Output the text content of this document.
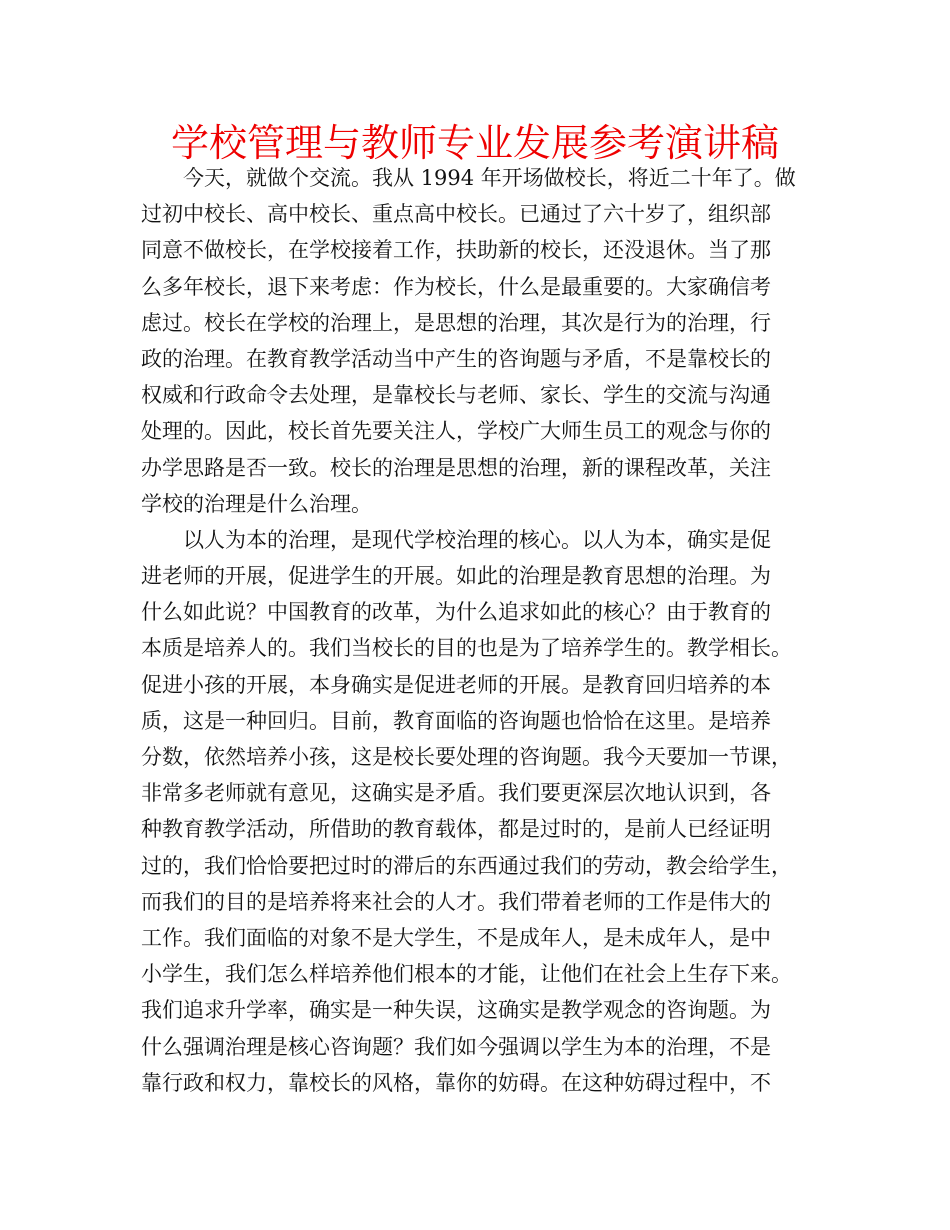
学校管理与教师专业发展参考演讲稿
今天，就做个交流。我从 1994 年开场做校长，将近二十年了。做
过初中校长、高中校长、重点高中校长。已通过了六十岁了，组织部
同意不做校长，在学校接着工作，扶助新的校长，还没退休。当了那
么多年校长，退下来考虑：作为校长，什么是最重要的。大家确信考
虑过。校长在学校的治理上，是思想的治理，其次是行为的治理，行
政的治理。在教育教学活动当中产生的咨询题与矛盾，不是靠校长的
权威和行政命令去处理，是靠校长与老师、家长、学生的交流与沟通
处理的。因此，校长首先要关注人，学校广大师生员工的观念与你的
办学思路是否一致。校长的治理是思想的治理，新的课程改革，关注
学校的治理是什么治理。
以人为本的治理，是现代学校治理的核心。以人为本，确实是促
进老师的开展，促进学生的开展。如此的治理是教育思想的治理。为
什么如此说？中国教育的改革，为什么追求如此的核心？由于教育的
本质是培养人的。我们当校长的目的也是为了培养学生的。教学相长。
促进小孩的开展，本身确实是促进老师的开展。是教育回归培养的本
质，这是一种回归。目前，教育面临的咨询题也恰恰在这里。是培养
分数，依然培养小孩，这是校长要处理的咨询题。我今天要加一节课，
非常多老师就有意见，这确实是矛盾。我们要更深层次地认识到，各
种教育教学活动，所借助的教育载体，都是过时的，是前人已经证明
过的，我们恰恰要把过时的滞后的东西通过我们的劳动，教会给学生，
而我们的目的是培养将来社会的人才。我们带着老师的工作是伟大的
工作。我们面临的对象不是大学生，不是成年人，是未成年人，是中
小学生，我们怎么样培养他们根本的才能，让他们在社会上生存下来。
我们追求升学率，确实是一种失误，这确实是教学观念的咨询题。为
什么强调治理是核心咨询题？我们如今强调以学生为本的治理，不是
靠行政和权力，靠校长的风格，靠你的妨碍。在这种妨碍过程中，不
